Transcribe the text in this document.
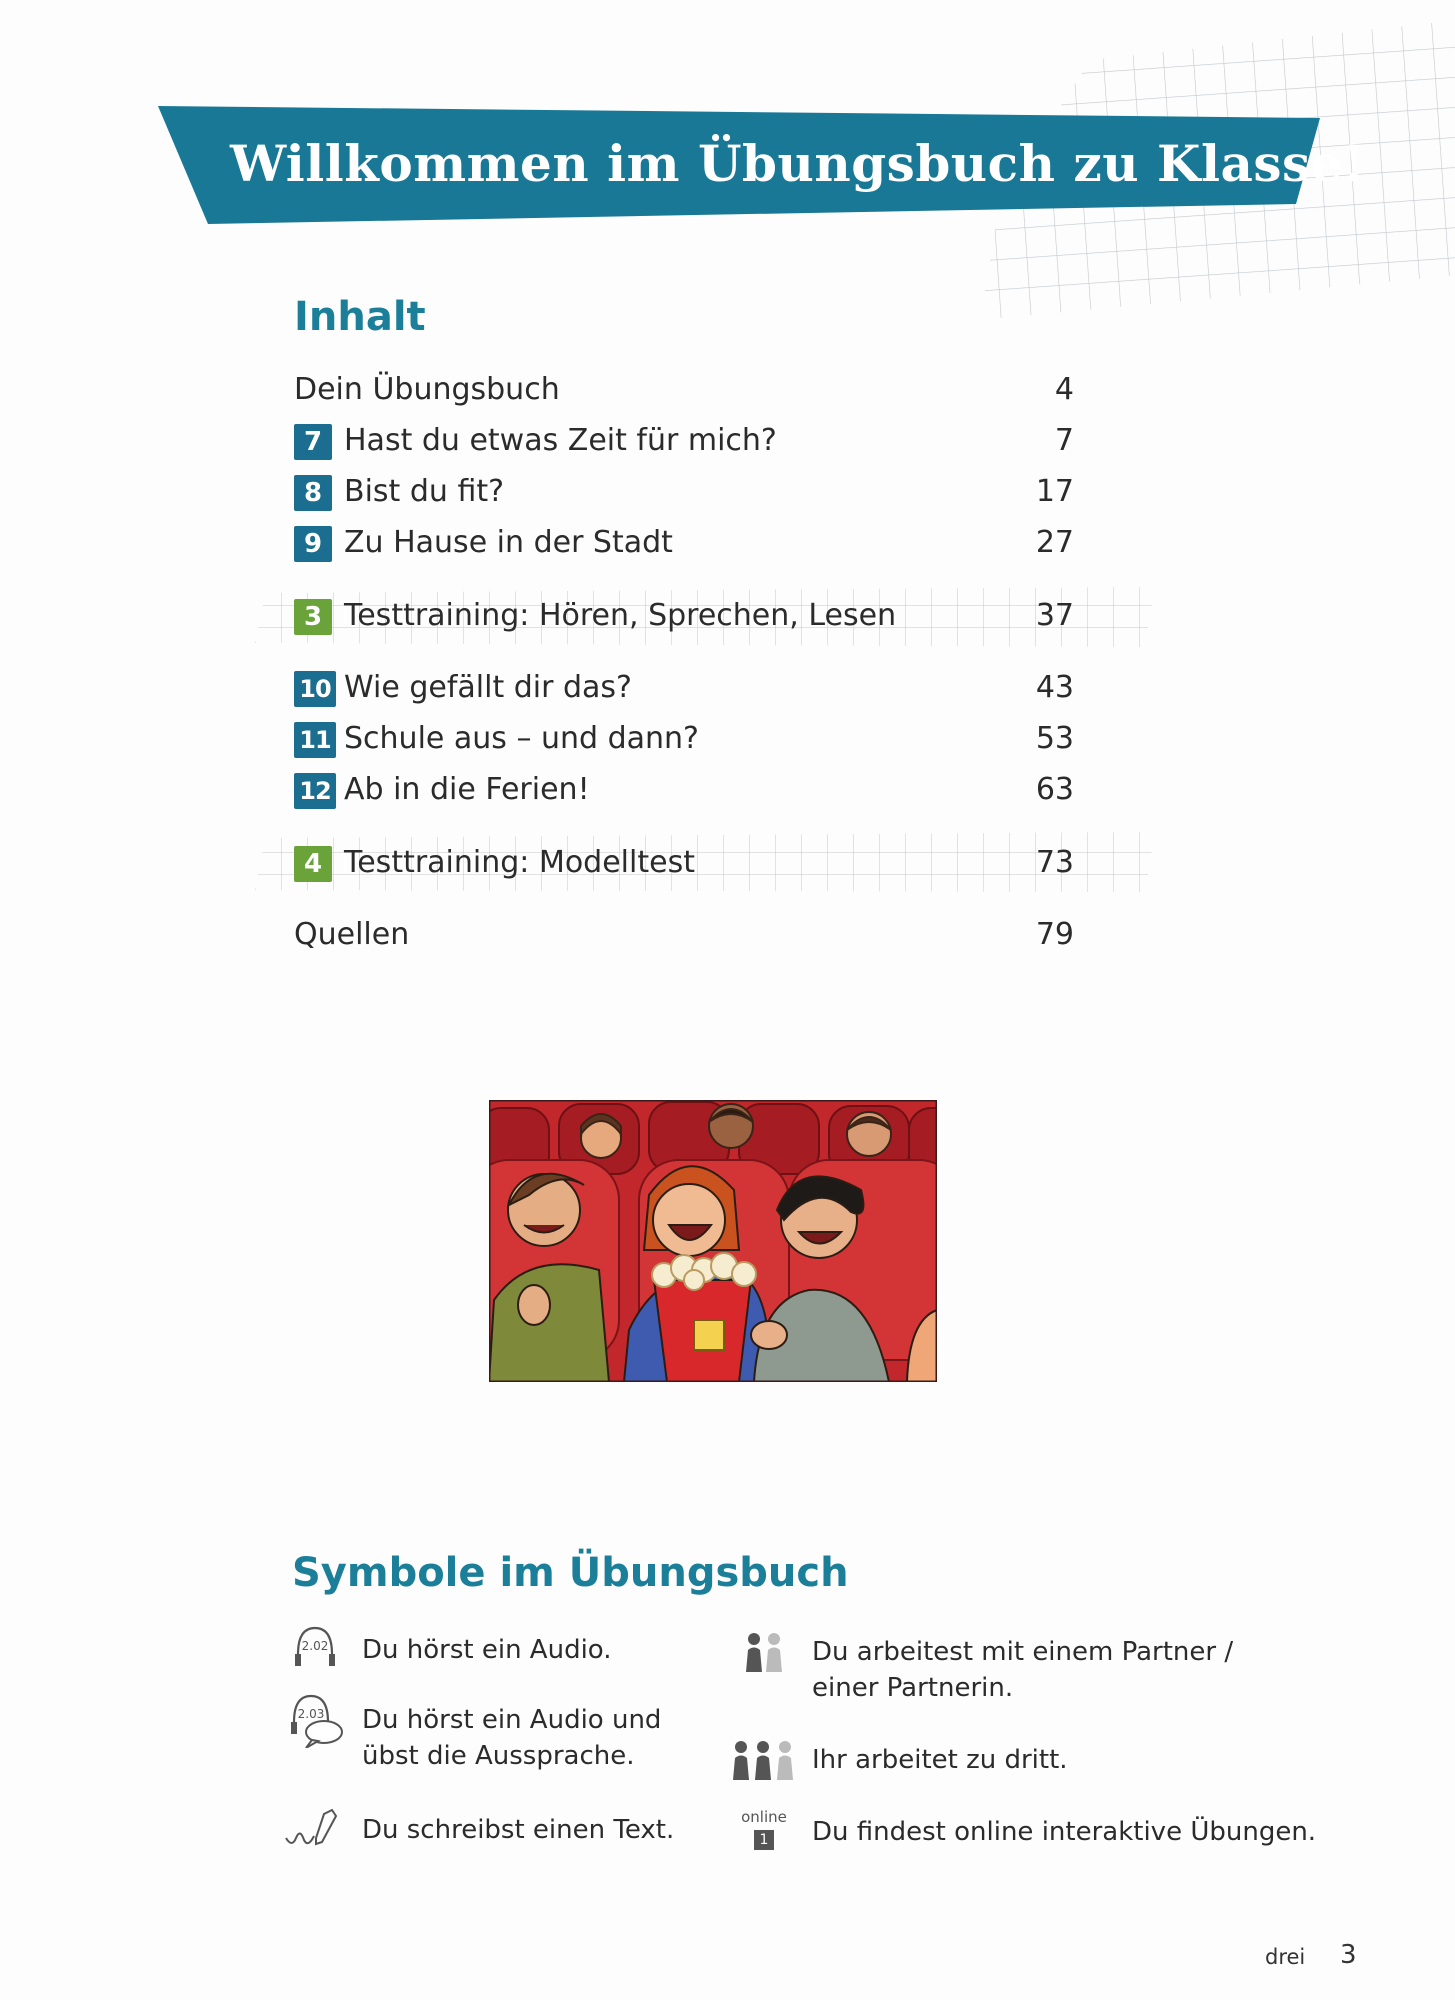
Willkommen im Übungsbuch zu Klasse!
Inhalt
Dein Übungsbuch	4
7 Hast du etwas Zeit für mich?	7
8 Bist du fit?	17
9 Zu Hause in der Stadt	27
3 Testtraining: Hören, Sprechen, Lesen	37
10 Wie gefällt dir das?	43
11 Schule aus – und dann?	53
12 Ab in die Ferien!	63
4 Testtraining: Modelltest	73
Quellen	79
Symbole im Übungsbuch
2.02 Du hörst ein Audio.
2.03 Du hörst ein Audio und
übst die Aussprache.
Du schreibst einen Text.
Du arbeitest mit einem Partner /
einer Partnerin.
Ihr arbeitet zu dritt.
online
1 Du findest online interaktive Übungen.
drei 3
